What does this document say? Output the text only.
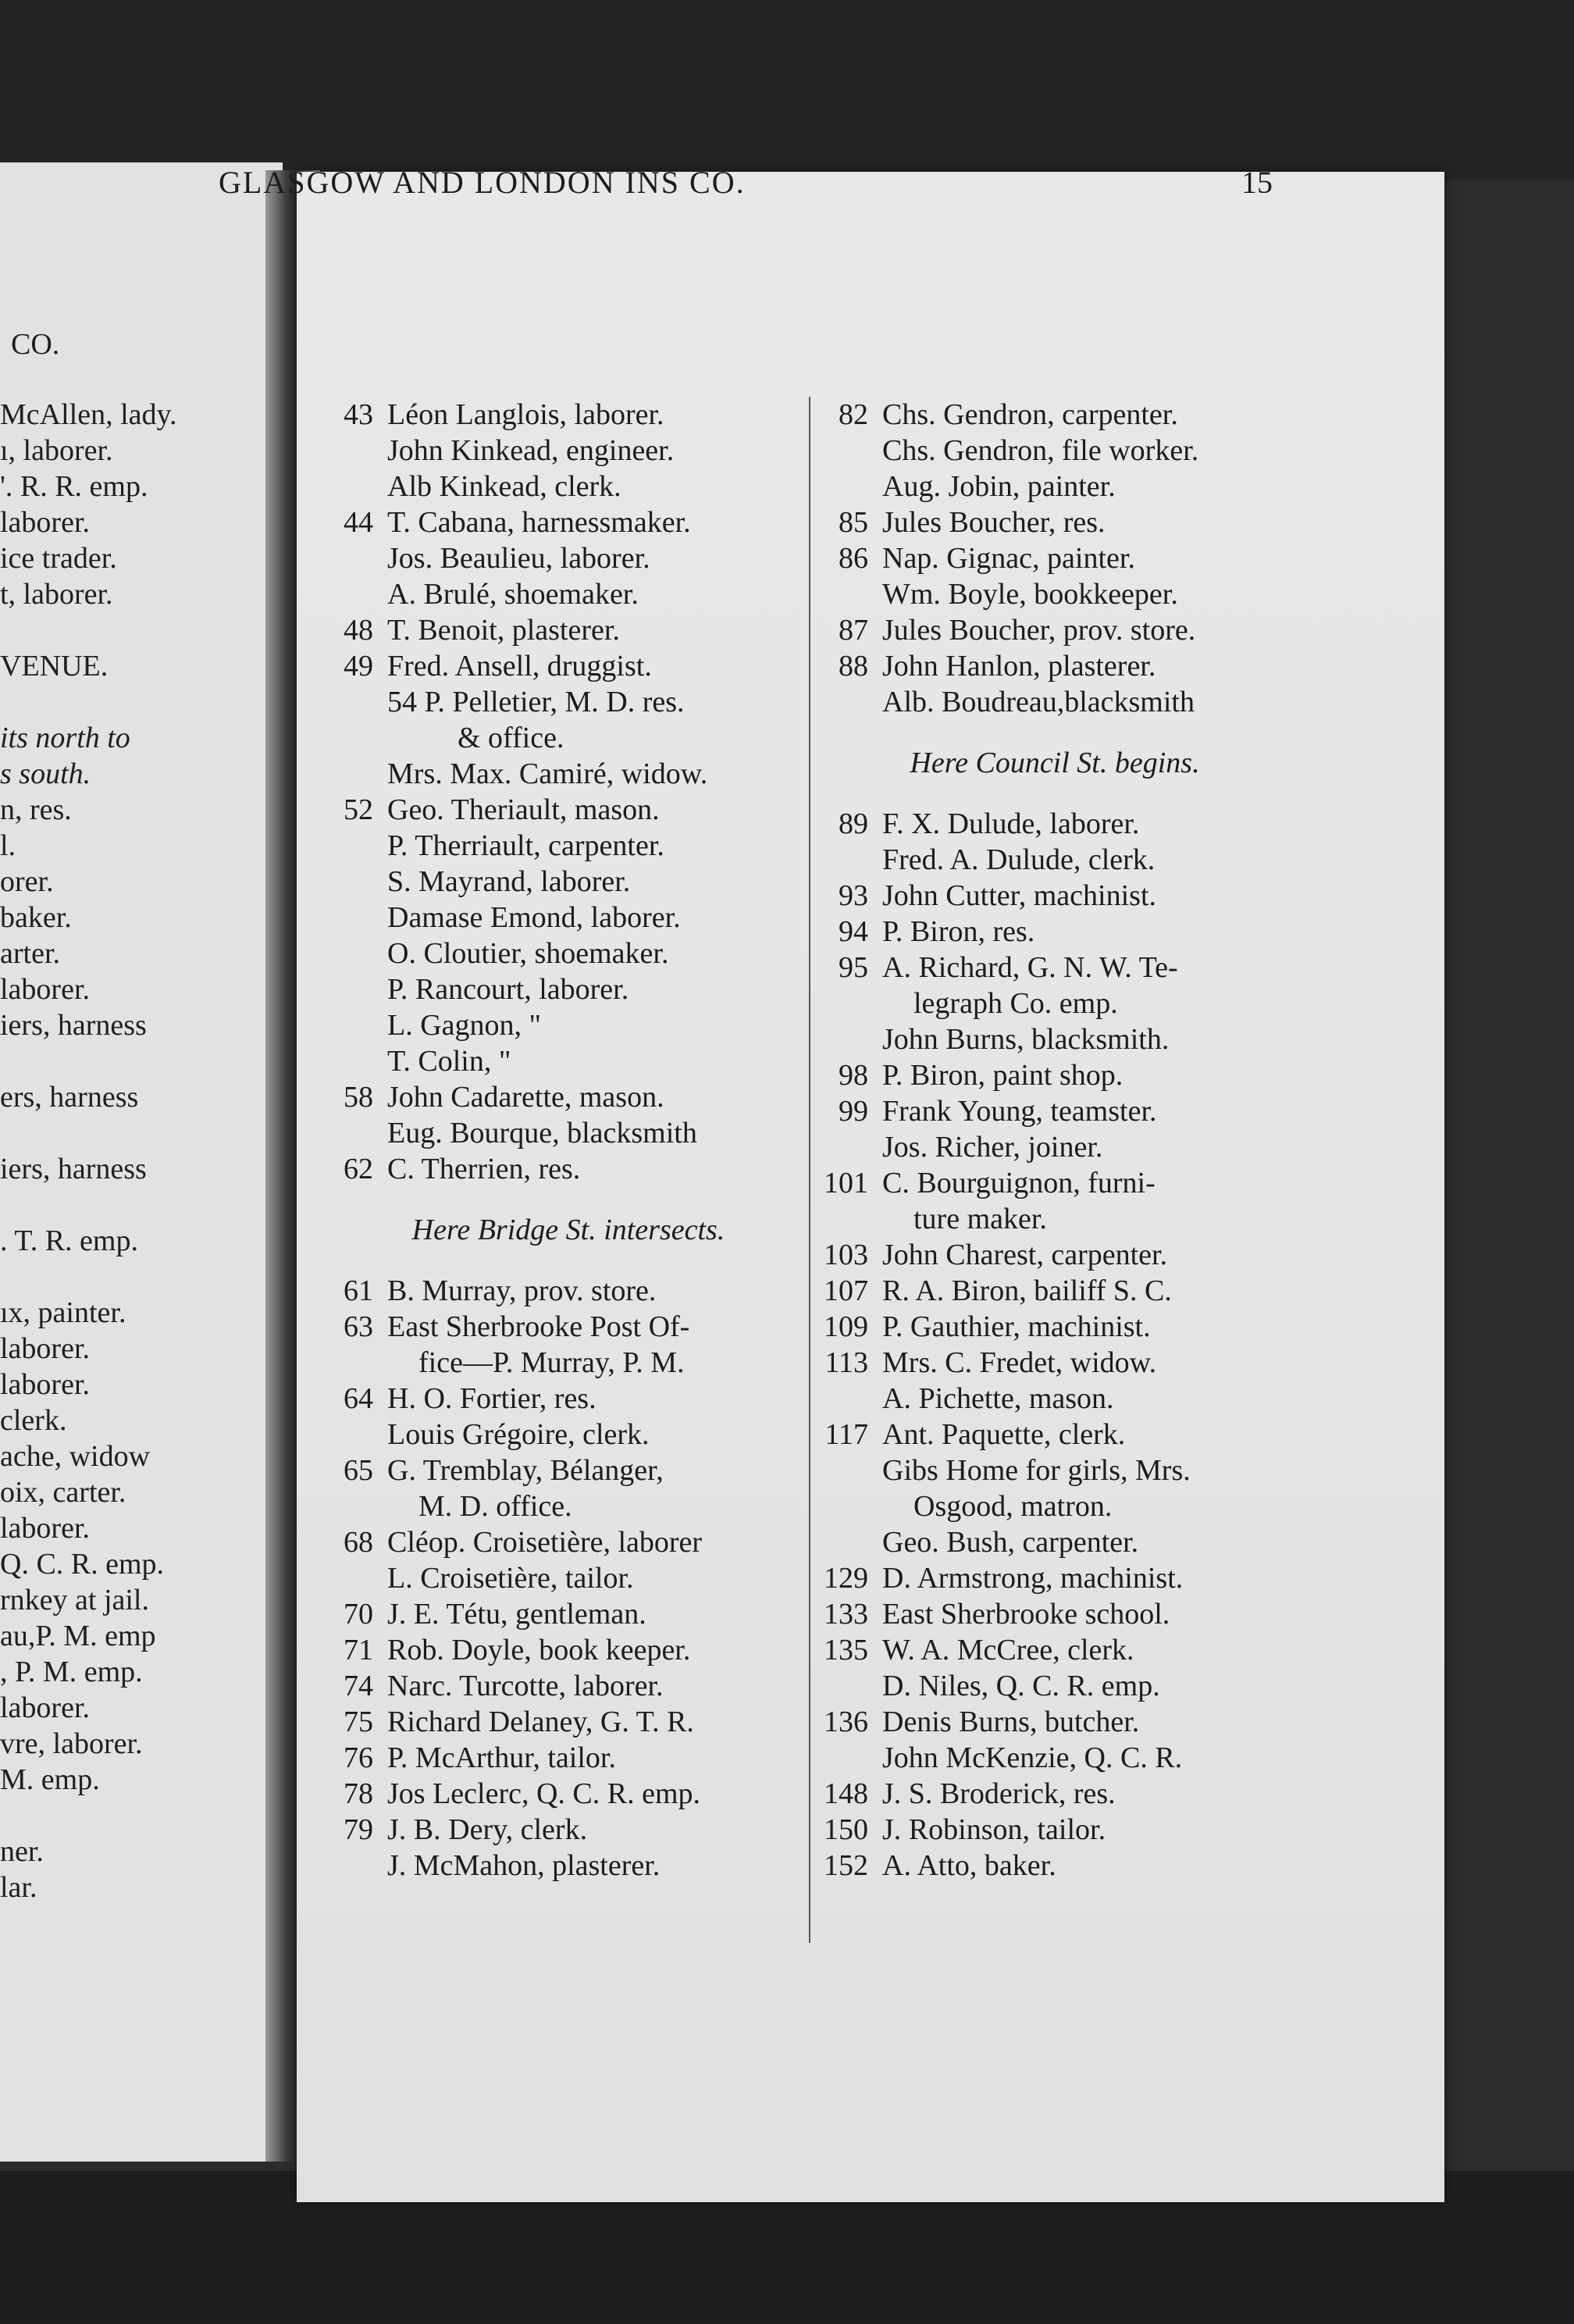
CO.
McAllen, lady.
ı, laborer.
'. R. R. emp.
laborer.
ice trader.
t, laborer.
VENUE.
its north to
s south.
n, res.
l.
orer.
baker.
arter.
laborer.
iers, harness
ers, harness
iers, harness
. T. R. emp.
ıx, painter.
laborer.
laborer.
clerk.
ache, widow
oix, carter.
laborer.
Q. C. R. emp.
rnkey at jail.
au,P. M. emp
, P. M. emp.
laborer.
vre, laborer.
M. emp.
ner.
lar.
GLASGOW AND LONDON INS CO.	15
43 Léon Langlois, laborer.
John Kinkead, engineer.
Alb Kinkead, clerk.
44 T. Cabana, harnessmaker.
Jos. Beaulieu, laborer.
A. Brulé, shoemaker.
48 T. Benoit, plasterer.
49 Fred. Ansell, druggist.
54 P. Pelletier, M. D. res.
& office.
Mrs. Max. Camiré, widow.
52 Geo. Theriault, mason.
P. Therriault, carpenter.
S. Mayrand, laborer.
Damase Emond, laborer.
O. Cloutier, shoemaker.
P. Rancourt, laborer.
L. Gagnon, "
T. Colin, "
58 John Cadarette, mason.
Eug. Bourque, blacksmith
62 C. Therrien, res.
Here Bridge St. intersects.
61 B. Murray, prov. store.
63 East Sherbrooke Post Of-
fice—P. Murray, P. M.
64 H. O. Fortier, res.
Louis Grégoire, clerk.
65 G. Tremblay, Bélanger,
M. D. office.
68 Cléop. Croisetière, laborer
L. Croisetière, tailor.
70 J. E. Tétu, gentleman.
71 Rob. Doyle, book keeper.
74 Narc. Turcotte, laborer.
75 Richard Delaney, G. T. R.
76 P. McArthur, tailor.
78 Jos Leclerc, Q. C. R. emp.
79 J. B. Dery, clerk.
J. McMahon, plasterer.
82 Chs. Gendron, carpenter.
Chs. Gendron, file worker.
Aug. Jobin, painter.
85 Jules Boucher, res.
86 Nap. Gignac, painter.
Wm. Boyle, bookkeeper.
87 Jules Boucher, prov. store.
88 John Hanlon, plasterer.
Alb. Boudreau,blacksmith
Here Council St. begins.
89 F. X. Dulude, laborer.
Fred. A. Dulude, clerk.
93 John Cutter, machinist.
94 P. Biron, res.
95 A. Richard, G. N. W. Te-
legraph Co. emp.
John Burns, blacksmith.
98 P. Biron, paint shop.
99 Frank Young, teamster.
Jos. Richer, joiner.
101 C. Bourguignon, furni-
ture maker.
103 John Charest, carpenter.
107 R. A. Biron, bailiff S. C.
109 P. Gauthier, machinist.
113 Mrs. C. Fredet, widow.
A. Pichette, mason.
117 Ant. Paquette, clerk.
Gibs Home for girls, Mrs.
Osgood, matron.
Geo. Bush, carpenter.
129 D. Armstrong, machinist.
133 East Sherbrooke school.
135 W. A. McCree, clerk.
D. Niles, Q. C. R. emp.
136 Denis Burns, butcher.
John McKenzie, Q. C. R.
148 J. S. Broderick, res.
150 J. Robinson, tailor.
152 A. Atto, baker.
